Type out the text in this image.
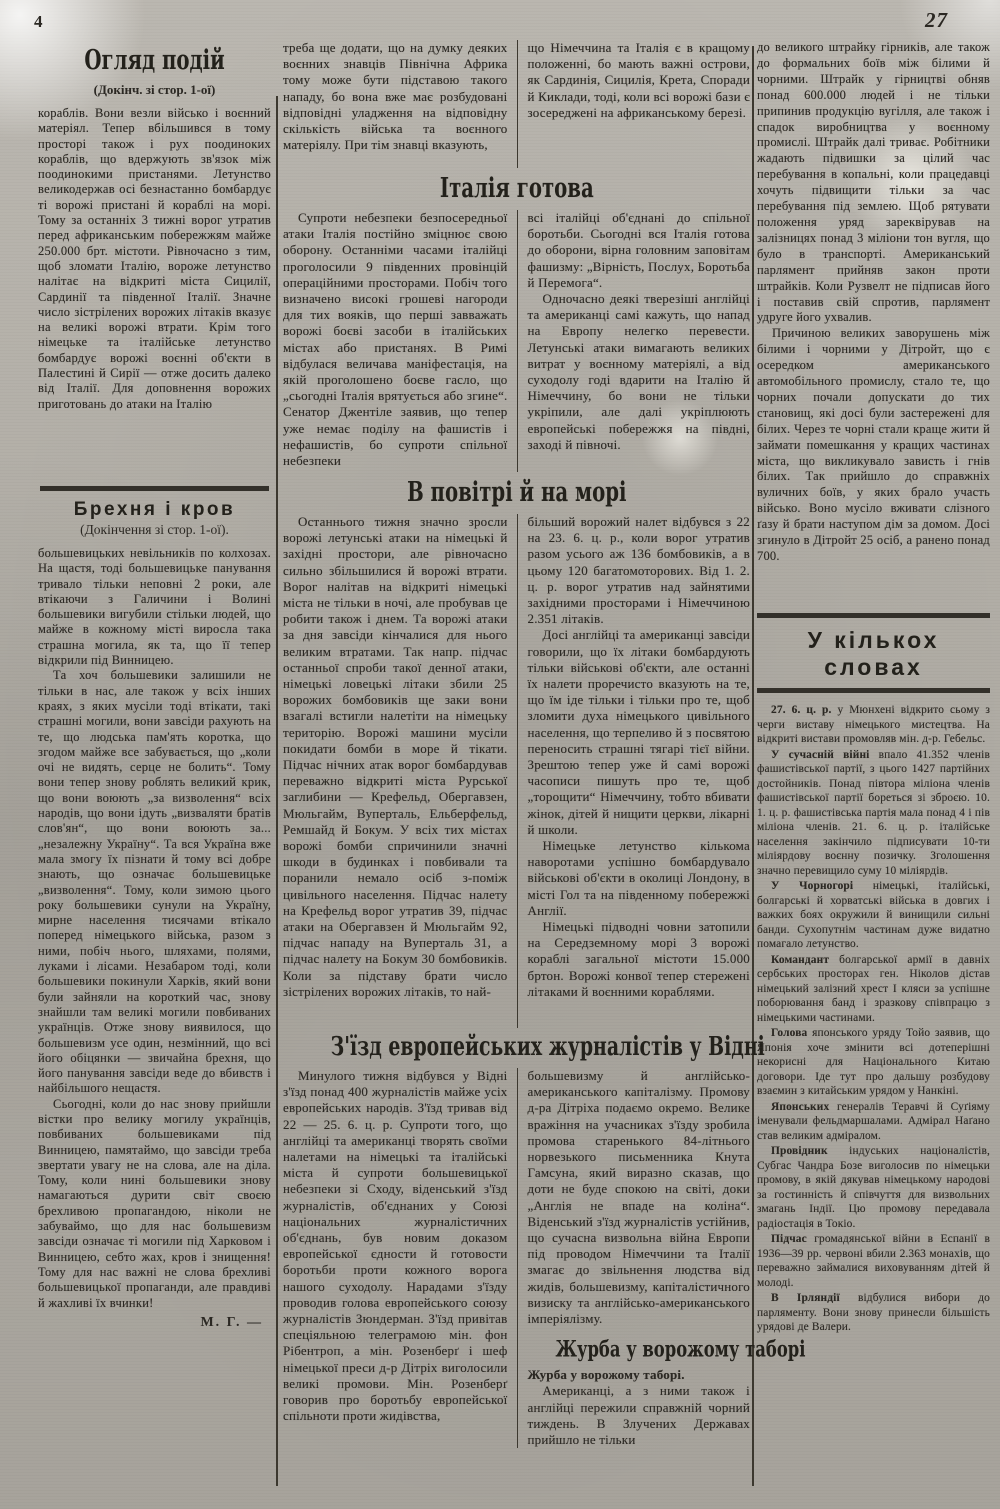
4	27
Огляд подій
(Докінч. зі стор. 1-ої)

кораблів. Вони везли військо і воєнний матеріял. Тепер вбільшився в тому просторі також і рух поодиноких кораблів, що вдержують зв'язок між поодинокими пристанями. Летунство великодержав осі безнастанно бомбардує ті ворожі пристані й кораблі на морі. Тому за останніх 3 тижні ворог утратив перед африканським побережжям майже 250.000 брт. містоти. Рівночасно з тим, щоб зломати Італію, вороже летунство налітає на відкриті міста Сицилії, Сардинії та південної Італії. Значне число зістрілених ворожих літаків вказує на великі ворожі втрати. Крім того німецьке та італійське летунство бомбардує ворожі воєнні об'єкти в Палестині й Сирії — отже досить далеко від Італії. Для доповнення ворожих приготовань до атаки на Італію

Брехня і кров
(Докінчення зі стор. 1-ої).

большевицьких невільників по колхозах. На щастя, тоді большевицьке панування тривало тільки неповні 2 роки, але втікаючи з Галичини і Волині большевики вигубили стільки людей, що майже в кожному місті виросла така страшна могила, як та, що її тепер відкрили під Винницею.

Та хоч большевики залишили не тільки в нас, але також у всіх інших краях, з яких мусіли тоді втікати, такі страшні могили, вони завсіди рахують на те, що людська пам'ять коротка, що згодом майже все забувається, що „коли очі не видять, серце не болить“. Тому вони тепер знову роблять великий крик, що вони воюють „за визволення“ всіх народів, що вони ідуть „визваляти братів слов'ян“, що вони воюють за... „незалежну Україну“. Та вся Україна вже мала змогу їх пізнати й тому всі добре знають, що означає большевицьке „визволення“. Тому, коли зимою цього року большевики сунули на Україну, мирне населення тисячами втікало поперед німецького війська, разом з ними, побіч нього, шляхами, полями, луками і лісами. Незабаром тоді, коли большевики покинули Харків, який вони були зайняли на короткий час, знову знайшли там великі могили повбиваних українців. Отже знову виявилося, що большевизм усе один, незмінний, що всі його обіцянки — звичайна брехня, що його панування завсіди веде до вбивств і найбільшого нещастя.

Сьогодні, коли до нас знову прийшли вістки про велику могилу українців, повбиваних большевиками під Винницею, памятаймо, що завсіди треба звертати увагу не на слова, але на діла. Тому, коли нині большевики знову намагаються дурити світ своєю брехливою пропагандою, ніколи не забуваймо, що для нас большевизм завсіди означає ті могили під Харковом і Винницею, себто жах, кров і знищення! Тому для нас важні не слова брехливі большевицької пропаганди, але правдиві й жахливі їх вчинки!

М. Г. —

треба ще додати, що на думку деяких воєнних знавців Північна Африка тому може бути підставою такого нападу, бо вона вже має розбудовані відповідні уладження на відповідну скількість війська та воєнного матеріялу. При тім знавці вказують,

що Німеччина та Італія є в кращому положенні, бо мають важні острови, як Сардинія, Сицилія, Крета, Споради й Киклади, тоді, коли всі ворожі бази є зосереджені на африканському березі.

Італія готова

Супроти небезпеки безпосередньої атаки Італія постійно зміцнює свою оборону. Останніми часами італійці проголосили 9 південних провінцій операційними просторами. Побіч того визначено високі грошеві нагороди для тих вояків, що перші завважать ворожі боєві засоби в італійських містах або пристанях. В Римі відбулася величава маніфестація, на якій проголошено боєве гасло, що „сьогодні Італія врятується або згине“. Сенатор Джентіле заявив, що тепер уже немає поділу на фашистів і нефашистів, бо супроти спільної небезпеки

всі італійці об'єднані до спільної боротьби. Сьогодні вся Італія готова до оборони, вірна головним заповітам фашизму: „Вірність, Послух, Боротьба й Перемога“.

Одночасно деякі тверезіші англійці та американці самі кажуть, що напад на Европу нелегко перевести. Летунські атаки вимагають великих витрат у воєнному матеріялі, а від суходолу годі вдарити на Італію й Німеччину, бо вони не тільки укріпили, але далі укріплюють европейські побережжя на півдні, заході й півночі.

В повітрі й на морі

Останнього тижня значно зросли ворожі летунські атаки на німецькі й західні простори, але рівночасно сильно збільшилися й ворожі втрати. Ворог налітав на відкриті німецькі міста не тільки в ночі, але пробував це робити також і днем. Та ворожі атаки за дня завсіди кінчалися для нього великим втратами. Так напр. підчас останньої спроби такої денної атаки, німецькі ловецькі літаки збили 25 ворожих бомбовиків ще заки вони взагалі встигли налетіти на німецьку територію. Ворожі машини мусіли покидати бомби в море й тікати. Підчас нічних атак ворог бомбардував переважно відкриті міста Рурської заглибини — Крефельд, Обергавзен, Мюльгайм, Вуперталь, Ельберфельд, Ремшайд й Бокум. У всіх тих містах ворожі бомби спричинили значні шкоди в будинках і повбивали та поранили немало осіб з-поміж цивільного населення. Підчас налету на Крефельд ворог утратив 39, підчас атаки на Обергавзен й Мюльгайм 92, підчас нападу на Вуперталь 31, а підчас налету на Бокум 30 бомбовиків. Коли за підставу брати число зістрілених ворожих літаків, то най-

більший ворожий налет відбувся з 22 на 23. 6. ц. р., коли ворог утратив разом усього аж 136 бомбовиків, а в цьому 120 багатомоторових. Від 1. 2. ц. р. ворог утратив над зайнятими західними просторами і Німеччиною 2.351 літаків.

Досі англійці та американці завсіди говорили, що їх літаки бомбардують тільки військові об'єкти, але останні їх налети проречисто вказують на те, що їм іде тільки і тільки про те, щоб зломити духа німецького цивільного населення, що терпеливо й з посвятою переносить страшні тягарі тієї війни. Зрештою тепер уже й самі ворожі часописи пишуть про те, щоб „торощити“ Німеччину, тобто вбивати жінок, дітей й нищити церкви, лікарні й школи.

Німецьке летунство кількома наворотами успішно бомбардувало військові об'єкти в околиці Лондону, в місті Гол та на південному побережжі Англії.

Німецькі підводні човни затопили на Середземному морі 3 ворожі кораблі загальної містоти 15.000 бртон. Ворожі конвої тепер стережені літаками й воєнними кораблями.

З'їзд европейських журналістів у Відні

Минулого тижня відбувся у Відні з'їзд понад 400 журналістів майже усіх европейських народів. З'їзд тривав від 22 — 25. 6. ц. р. Супроти того, що англійці та американці творять своїми налетами на німецькі та італійські міста й супроти большевицької небезпеки зі Сходу, віденський з'їзд журналістів, об'єднаних у Союзі національних журналістичних об'єднань, був новим доказом европейської єдности й готовости боротьби проти кожного ворога нашого суходолу. Нарадами з'їзду проводив голова европейського союзу журналістів Зюндерман. З'їзд привітав спеціяльною телеграмою мін. фон Рібентроп, а мін. Розенберґ і шеф німецької преси д-р Дітріх виголосили великі промови. Мін. Розенберґ говорив про боротьбу европейської спільноти проти жидівства,

большевизму й англійсько-американського капіталізму. Промову д-ра Дітріха подаємо окремо. Велике вражіння на учасниках з'їзду зробила промова старенького 84-літнього норвезького письменника Кнута Гамсуна, який виразно сказав, що доти не буде спокою на світі, доки „Англія не впаде на коліна“. Віденський з'їзд журналістів устійнив, що сучасна визвольна війна Европи під проводом Німеччини та Італії змагає до звільнення людства від жидів, большевизму, капіталістичного визиску та англійсько-американського імперіялізму.

Журба у ворожому таборі

Журба у ворожому таборі.

Американці, а з ними також і англійці пережили справжній чорний тиждень. В Злучених Державах прийшло не тільки

до великого штрайку гірників, але також до формальних боїв між білими й чорними. Штрайк у гірництві обняв понад 600.000 людей і не тільки припинив продукцію вугілля, але також і спадок виробництва у воєнному промислі. Штрайк далі триває. Робітники жадають підвишки за цілий час перебування в копальні, коли працедавці хочуть підвищити тільки за час перебування під землею. Щоб рятувати положення уряд зареквірував на залізницях понад 3 міліони тон вугля, що було в транспорті. Американський парлямент прийняв закон проти штрайків. Коли Рузвелт не підписав його і поставив свій спротив, парлямент удруге його ухвалив.

Причиною великих заворушень між білими і чорними у Дітройт, що є осередком американського автомобільного промислу, стало те, що чорних почали допускати до тих становищ, які досі були застережені для білих. Через те чорні стали краще жити й займати помешкання у кращих частинах міста, що викликувало зависть і гнів білих. Так прийшло до справжніх вуличних боїв, у яких брало участь військо. Воно мусіло вживати слізного ґазу й брати наступом дім за домом. Досі згинуло в Дітройт 25 осіб, а ранено понад 700.

У кількох словах

27. 6. ц. р. у Мюнхені відкрито сьому з черги виставу німецького мистецтва. На відкриті вистави промовляв мін. д-р. Гебельс.

У сучасній війні впало 41.352 членів фашистівської партії, з цього 1427 партійних достойників. Понад півтора міліона членів фашистівської партії бореться зі зброєю. 10. 1. ц. р. фашистівська партія мала понад 4 і пів міліона членів. 21. 6. ц. р. італійське населення закінчило підписувати 10-ти міліярдову воєнну позичку. Зголошення значно перевищило суму 10 міліярдів.

У Чорногорі німецькі, італійські, болгарські й хорватські війська в довгих і важких боях окружили й винищили сильні банди. Сухопутнім частинам дуже видатно помагало летунство.

Командант болгарської армії в давніх сербських просторах ген. Ніколов дістав німецький залізний хрест І кляси за успішне поборювання банд і зразкову співпрацю з німецькими частинами.

Голова японського уряду Тойо заявив, що Японія хоче змінити всі дотеперішні некорисні для Національного Китаю договори. Іде тут про дальшу розбудову взаємин з китайським урядом у Нанкіні.

Японських генералів Теравчі й Суґіяму іменували фельдмаршалами. Адмірал Наґано став великим адміралом.

Провідник індуських націоналістів, Субгас Чандра Бозе виголосив по німецьки промову, в якій дякував німецькому народові за гостинність й співчуття для визвольних змагань Індії. Цю промову передавала радіостація в Токіо.

Підчас громадянської війни в Еспанії в 1936—39 рр. червоні вбили 2.363 монахів, що переважно займалися виховуванням дітей й молоді.

В Ірляндії відбулися вибори до парляменту. Вони знову принесли більшість урядові де Валери.
